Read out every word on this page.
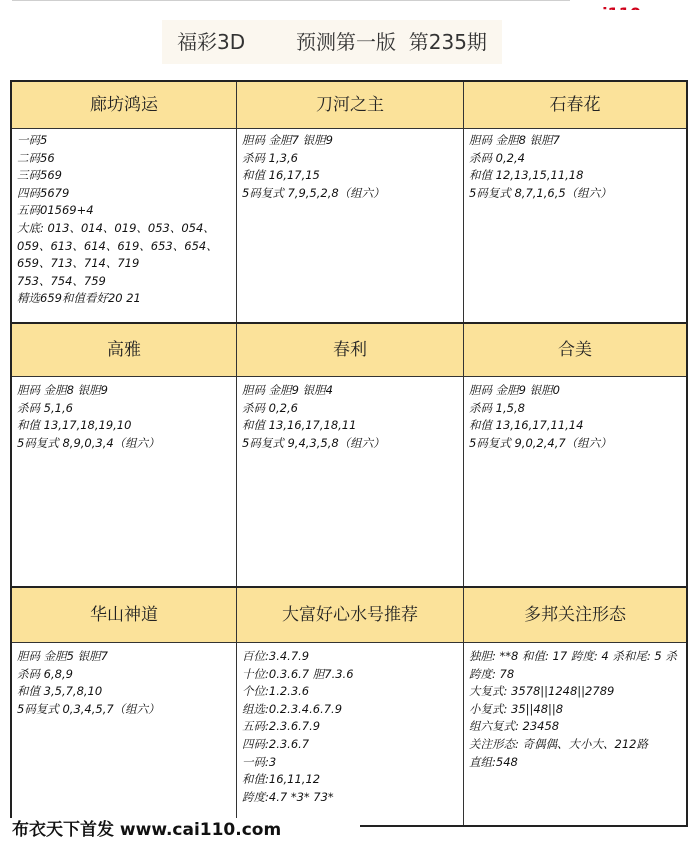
福彩3D        预测第一版  第235期
廊坊鸿运
一码5
二码56
三码569
四码5679
五码01569+4
大底: 013、014、019、053、054、059、613、614、619、653、654、659、713、714、719
753、754、759
精选659和值看好20 21
刀河之主
胆码 金胆7 银胆9
杀码 1,3,6
和值 16,17,15
5码复式 7,9,5,2,8（组六）
石春花
胆码 金胆8 银胆7
杀码 0,2,4
和值 12,13,15,11,18
5码复式 8,7,1,6,5（组六）
高雅
胆码 金胆8 银胆9
杀码 5,1,6
和值 13,17,18,19,10
5码复式 8,9,0,3,4（组六）
春利
胆码 金胆9 银胆4
杀码 0,2,6
和值 13,16,17,18,11
5码复式 9,4,3,5,8（组六）
合美
胆码 金胆9 银胆0
杀码 1,5,8
和值 13,16,17,11,14
5码复式 9,0,2,4,7（组六）
华山神道
胆码 金胆5 银胆7
杀码 6,8,9
和值 3,5,7,8,10
5码复式 0,3,4,5,7（组六）
大富好心水号推荐
百位:3.4.7.9
十位:0.3.6.7 胆7.3.6
个位:1.2.3.6
组选:0.2.3.4.6.7.9
五码:2.3.6.7.9
四码:2.3.6.7
一码:3
和值:16,11,12
跨度:4.7 *3* 73*
多邦关注形态
独胆: **8 和值: 17 跨度: 4 杀和尾: 5 杀跨度: 78
大复式: 3578||1248||2789
小复式: 35||48||8
组六复式: 23458
关注形态: 奇偶偶、大小大、212路
直组:548
布衣天下首发 www.cai110.com
